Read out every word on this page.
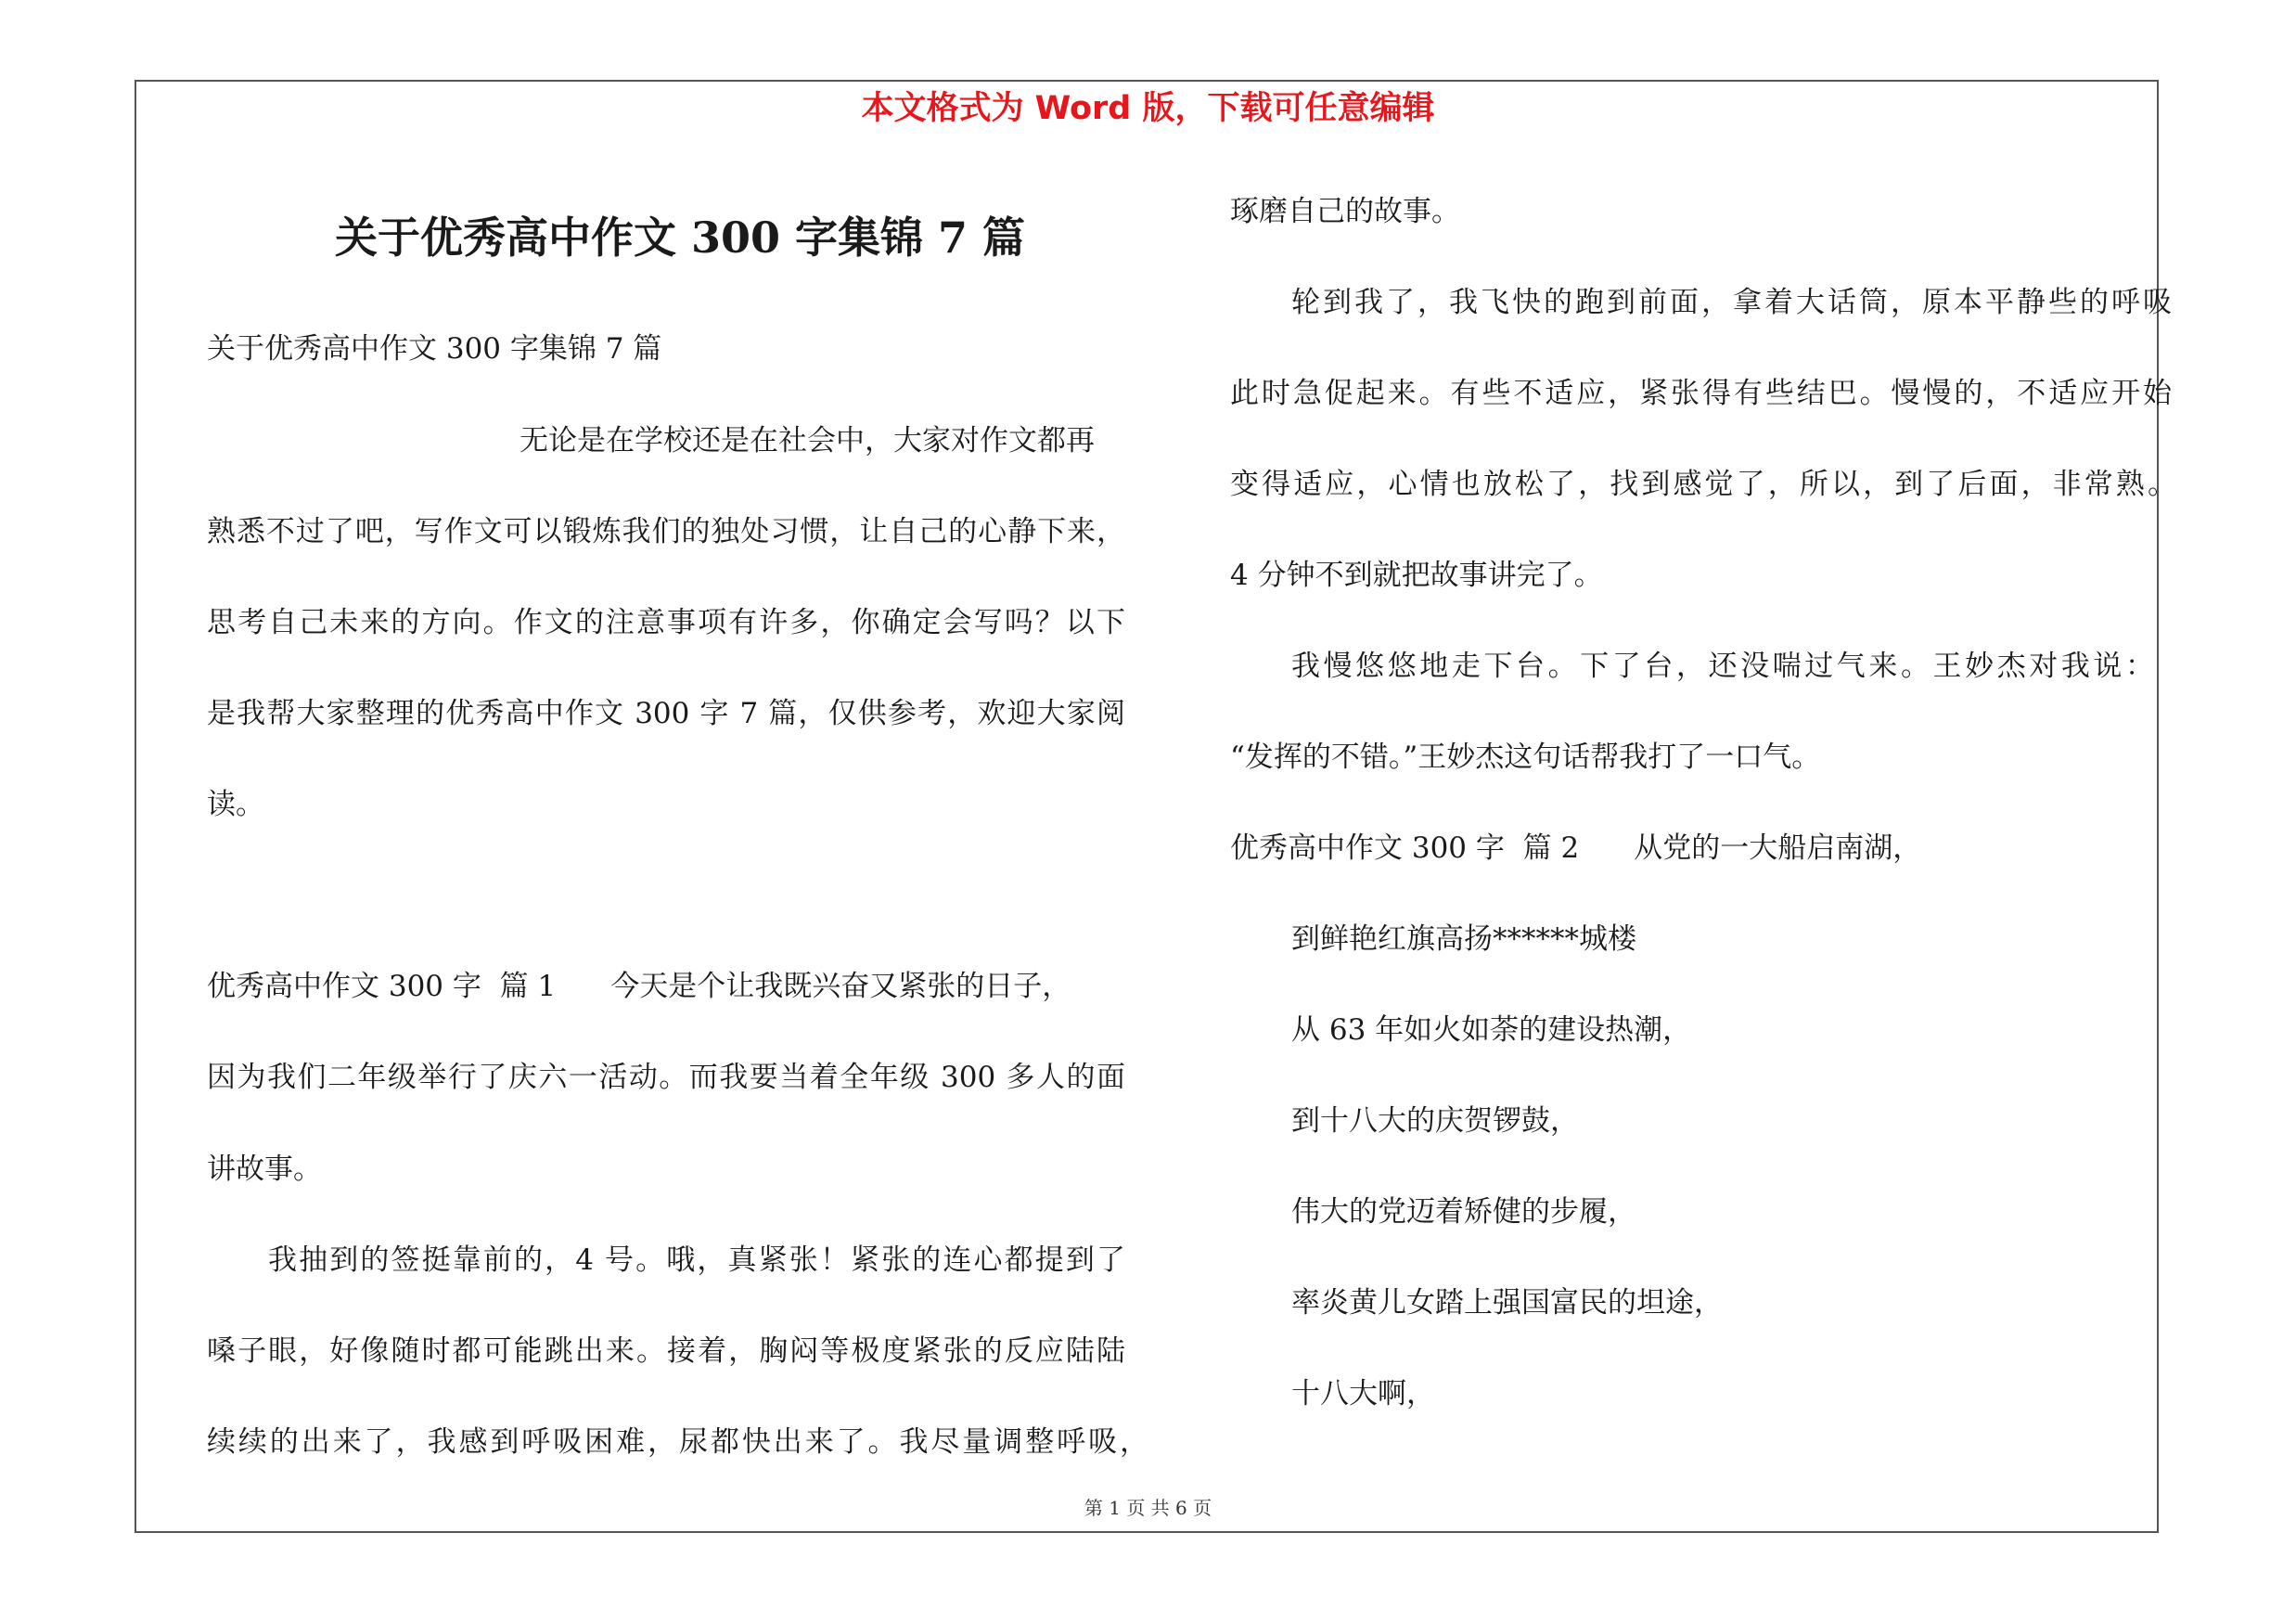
本文格式为 Word 版，下载可任意编辑
关于优秀高中作文 300 字集锦 7 篇
关于优秀高中作文 300 字集锦 7 篇
无论是在学校还是在社会中，大家对作文都再
熟悉不过了吧，写作文可以锻炼我们的独处习惯，让自己的心静下来，
思考自己未来的方向。作文的注意事项有许多，你确定会写吗？以下
是我帮大家整理的优秀高中作文 300 字 7 篇，仅供参考，欢迎大家阅
读。
优秀高中作文 300 字  篇 1      今天是个让我既兴奋又紧张的日子，
因为我们二年级举行了庆六一活动。而我要当着全年级 300 多人的面
讲故事。
我抽到的签挺靠前的，4 号。哦，真紧张！紧张的连心都提到了
嗓子眼，好像随时都可能跳出来。接着，胸闷等极度紧张的反应陆陆
续续的出来了，我感到呼吸困难，尿都快出来了。我尽量调整呼吸，
琢磨自己的故事。
轮到我了，我飞快的跑到前面，拿着大话筒，原本平静些的呼吸
此时急促起来。有些不适应，紧张得有些结巴。慢慢的，不适应开始
变得适应，心情也放松了，找到感觉了，所以，到了后面，非常熟。
4 分钟不到就把故事讲完了。
我慢悠悠地走下台。下了台，还没喘过气来。王妙杰对我说：
“发挥的不错。”王妙杰这句话帮我打了一口气。
优秀高中作文 300 字  篇 2      从党的一大船启南湖，
到鲜艳红旗高扬******城楼
从 63 年如火如荼的建设热潮，
到十八大的庆贺锣鼓，
伟大的党迈着矫健的步履，
率炎黄儿女踏上强国富民的坦途，
十八大啊，
第 1 页 共 6 页
